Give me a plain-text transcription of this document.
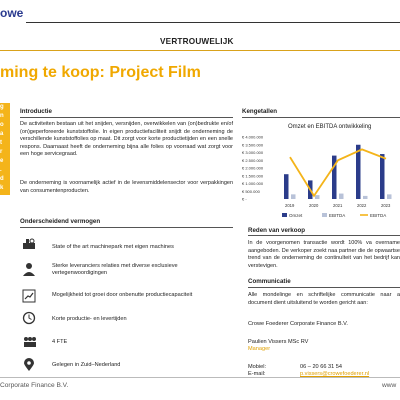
owe
VERTROUWELIJK
ming te koop: Project Film
g
n
o
a
t
r
e
.
d
k
.
Introductie
De activiteiten bestaan uit het snijden, versnijden, overwikkelen van (on)bedrukte en/of (on)geperforeerde kunststoffolie. In eigen productiefaciliteit snijdt de onderneming de verschillende kunststoffolies op maat. Dit zorgt voor korte productietijden en een snelle respons. Daarnaast heeft de onderneming bijna alle folies op voorraad wat zorgt voor een hoge servicegraad.
De onderneming is voornamelijk actief in de levensmiddelensector voor verpakkingen van consumentenproducten.
Onderscheidend vermogen
State of the art machinepark met eigen machines
Sterke leveranciers relaties met diverse exclusieve vertegenwoordigingen
Mogelijkheid tot groei door onbenutte productiecapaciteit
Korte productie- en levertijden
4 FTE
Gelegen in Zuid–Nederland
Kengetallen
Omzet en EBITDA ontwikkeling
€ 4.000.000
€ 3.500.000
€ 3.000.000
€ 2.500.000
€ 2.000.000
€ 1.500.000
€ 1.000.000
€ 500.000
€ -
2019	2020	2021	2022	2023
Omzet	EBITDA	EBITDA
Reden van verkoop
In de voorgenomen transactie wordt 100% va overname aangeboden. De verkoper zoekt naa partner die de opwaartse trend van de onderneming de continuïteit van het bedrijf kan verstevigen.
Communicatie
Alle mondelinge en schriftelijke communicatie naar a document dient uitsluitend te worden gericht aan:
Crowe Foederer Corporate Finance B.V.
Paulien Vissers MSc RV
Manager
Mobiel:	06 – 20 66 31 54
E-mail:	p.vissers@crowefoederer.nl
Corporate Finance B.V.	www
